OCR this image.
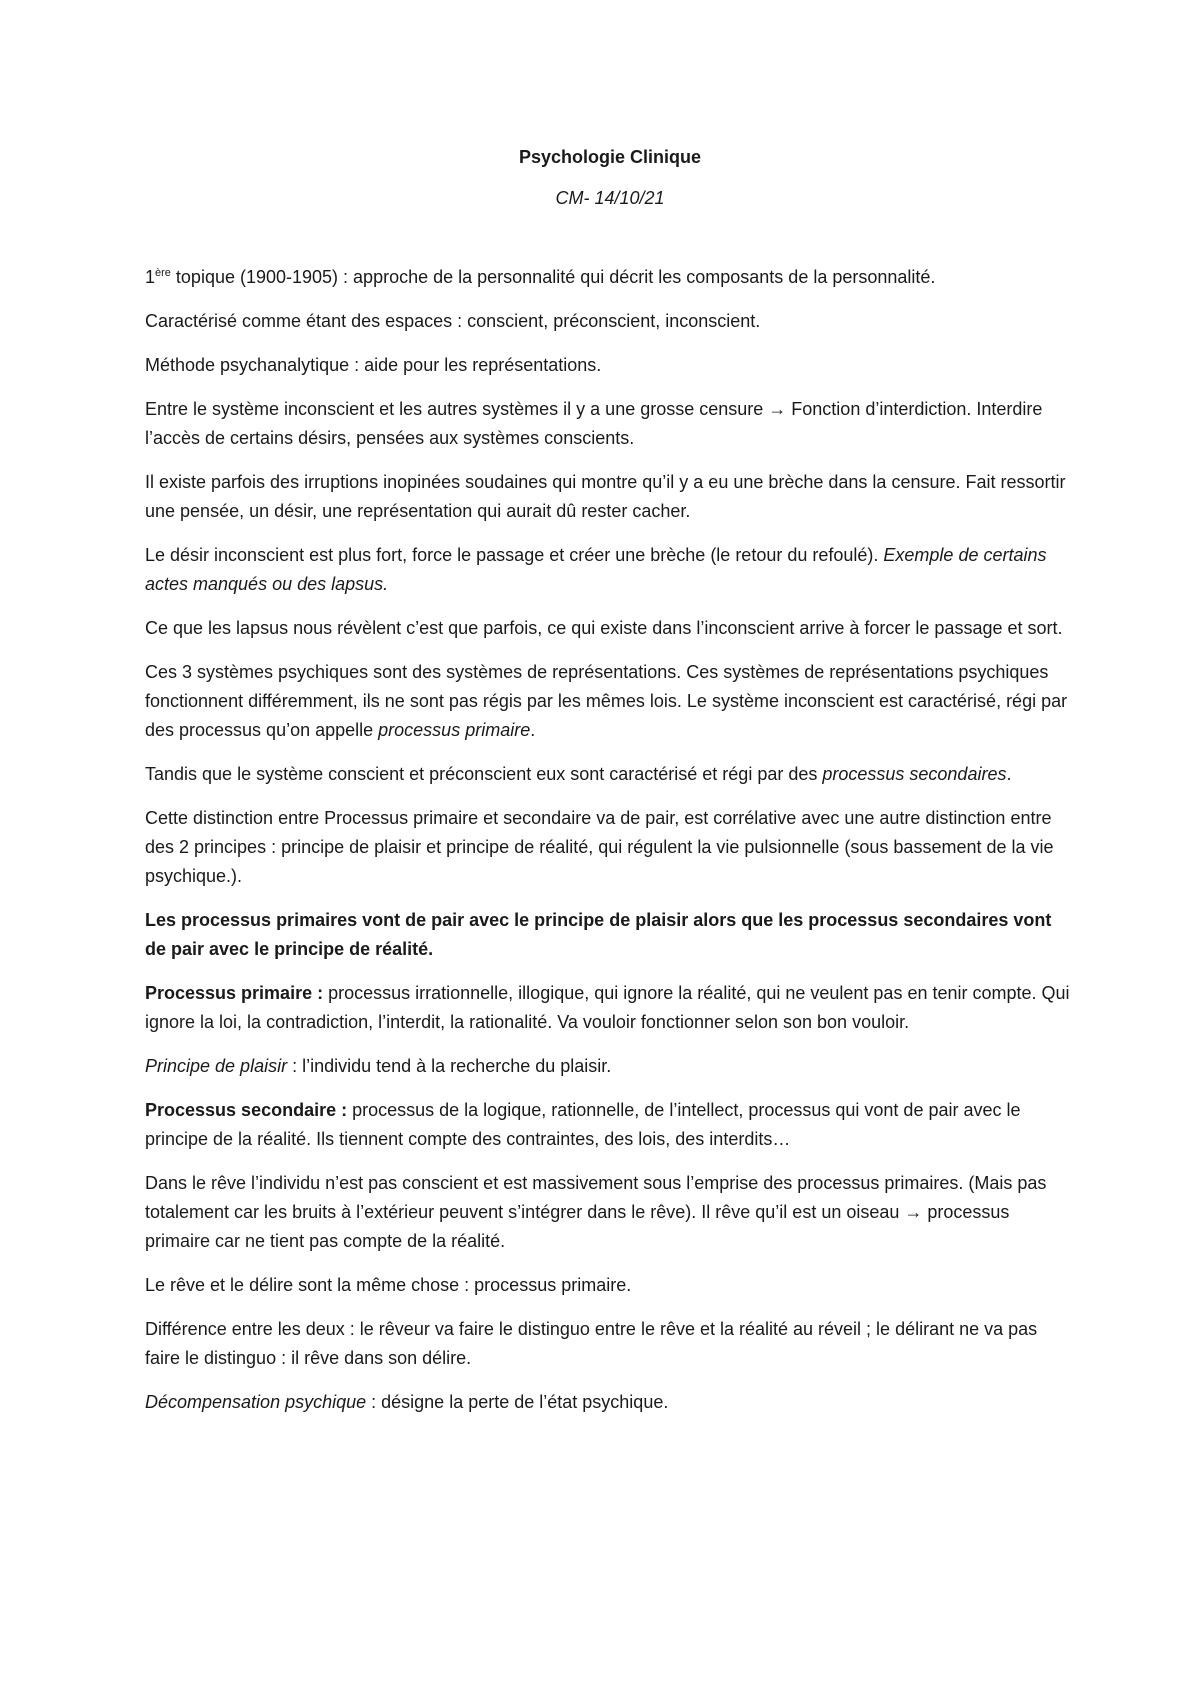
Psychologie Clinique

CM- 14/10/21

1ère topique (1900-1905) : approche de la personnalité qui décrit les composants de la personnalité.

Caractérisé comme étant des espaces : conscient, préconscient, inconscient.

Méthode psychanalytique : aide pour les représentations.

Entre le système inconscient et les autres systèmes il y a une grosse censure → Fonction d’interdiction. Interdire l’accès de certains désirs, pensées aux systèmes conscients.

Il existe parfois des irruptions inopinées soudaines qui montre qu’il y a eu une brèche dans la censure. Fait ressortir une pensée, un désir, une représentation qui aurait dû rester cacher.

Le désir inconscient est plus fort, force le passage et créer une brèche (le retour du refoulé). Exemple de certains actes manqués ou des lapsus.

Ce que les lapsus nous révèlent c’est que parfois, ce qui existe dans l’inconscient arrive à forcer le passage et sort.

Ces 3 systèmes psychiques sont des systèmes de représentations. Ces systèmes de représentations psychiques fonctionnent différemment, ils ne sont pas régis par les mêmes lois. Le système inconscient est caractérisé, régi par des processus qu’on appelle processus primaire.

Tandis que le système conscient et préconscient eux sont caractérisé et régi par des processus secondaires.

Cette distinction entre Processus primaire et secondaire va de pair, est corrélative avec une autre distinction entre des 2 principes : principe de plaisir et principe de réalité, qui régulent la vie pulsionnelle (sous bassement de la vie psychique.).

Les processus primaires vont de pair avec le principe de plaisir alors que les processus secondaires vont de pair avec le principe de réalité.

Processus primaire : processus irrationnelle, illogique, qui ignore la réalité, qui ne veulent pas en tenir compte. Qui ignore la loi, la contradiction, l’interdit, la rationalité. Va vouloir fonctionner selon son bon vouloir.

Principe de plaisir : l’individu tend à la recherche du plaisir.

Processus secondaire : processus de la logique, rationnelle, de l’intellect, processus qui vont de pair avec le principe de la réalité. Ils tiennent compte des contraintes, des lois, des interdits…

Dans le rêve l’individu n’est pas conscient et est massivement sous l’emprise des processus primaires. (Mais pas totalement car les bruits à l’extérieur peuvent s’intégrer dans le rêve). Il rêve qu’il est un oiseau → processus primaire car ne tient pas compte de la réalité.

Le rêve et le délire sont la même chose : processus primaire.

Différence entre les deux : le rêveur va faire le distinguo entre le rêve et la réalité au réveil ; le délirant ne va pas faire le distinguo : il rêve dans son délire.

Décompensation psychique : désigne la perte de l’état psychique.
